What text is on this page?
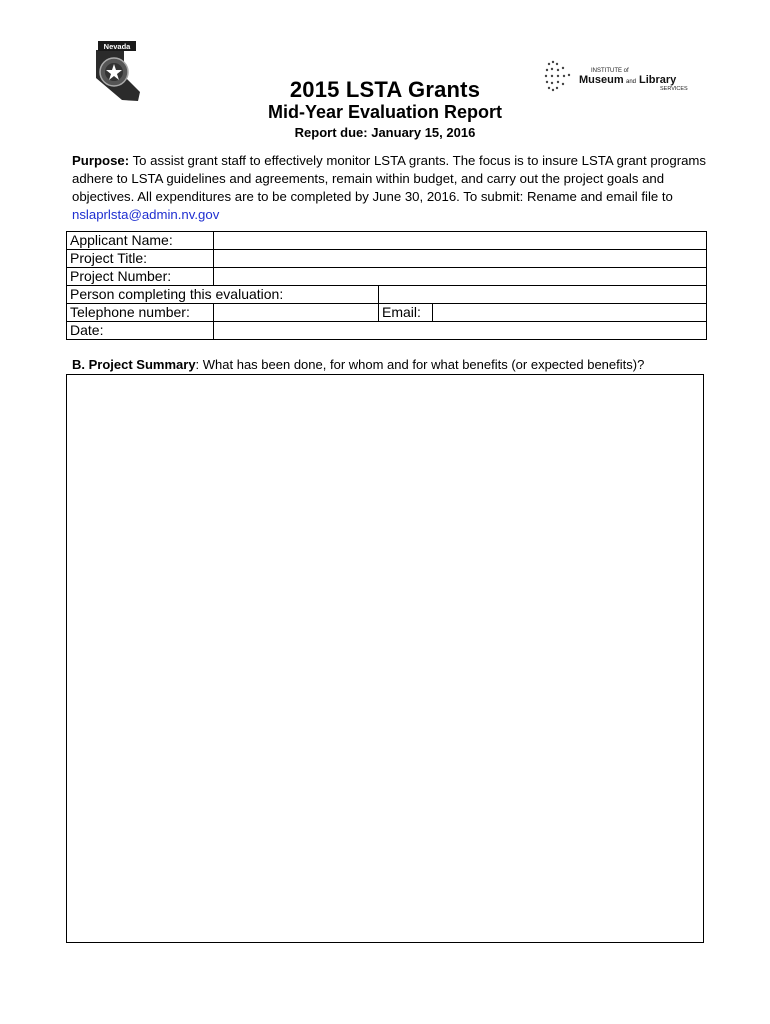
Nevada
INSTITUTE of
Museum and Library
SERVICES
2015 LSTA Grants
Mid-Year Evaluation Report
Report due: January 15, 2016
Purpose: To assist grant staff to effectively monitor LSTA grants. The focus is to insure LSTA grant programs adhere to LSTA guidelines and agreements, remain within budget, and carry out the project goals and objectives. All expenditures are to be completed by June 30, 2016. To submit: Rename and email file to nslaprlsta@admin.nv.gov
Applicant Name:			
Project Title:			
Project Number:			
Person completing this evaluation:			
Telephone number:		Email:	
Date:			
B. Project Summary: What has been done, for whom and for what benefits (or expected benefits)?
